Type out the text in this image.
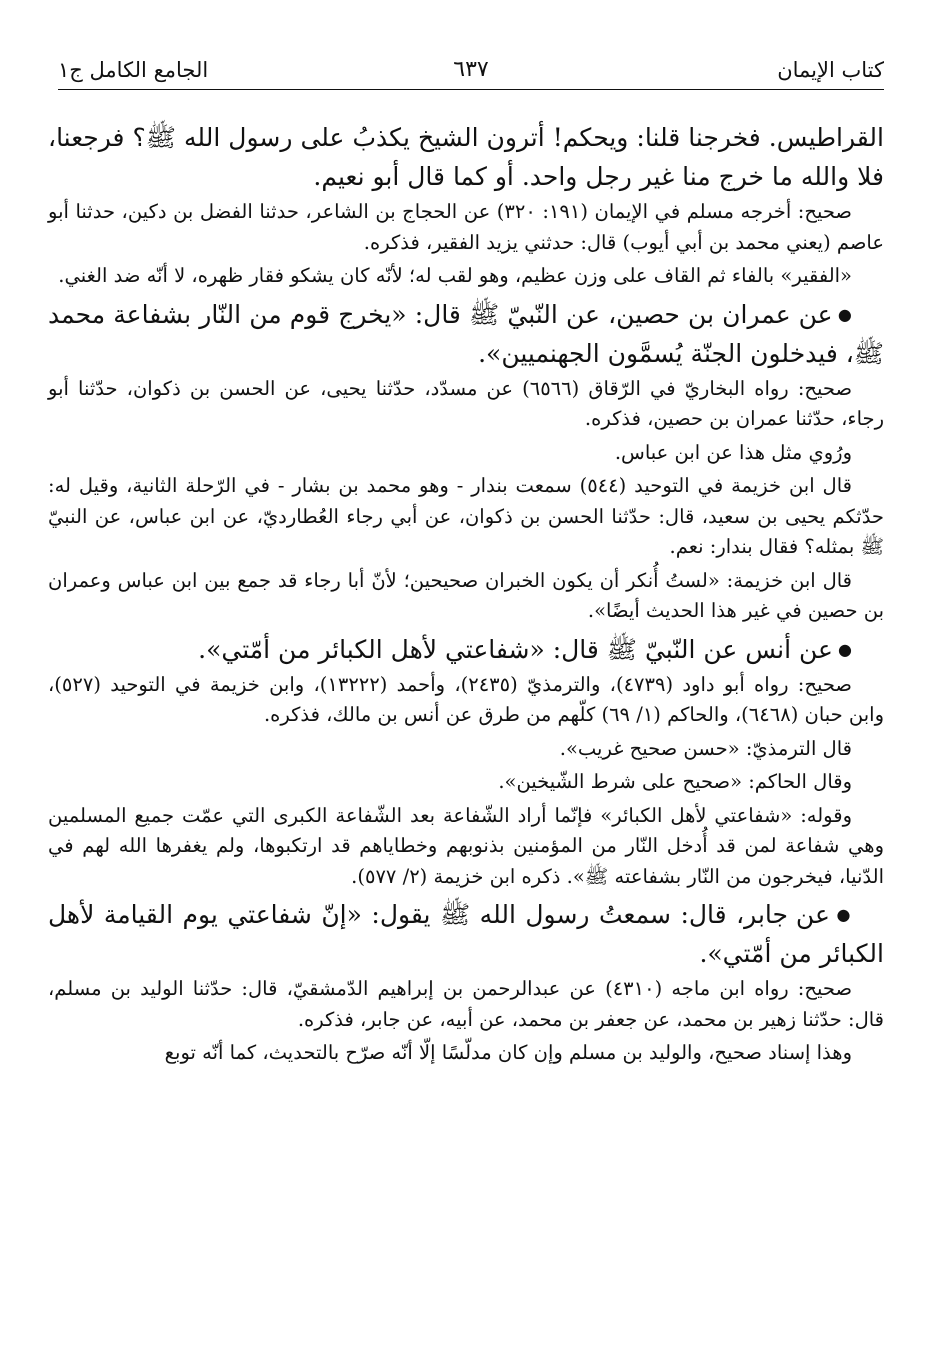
الجامع الكامل ج١	٦٣٧	كتاب الإيمان

القراطيس. فخرجنا قلنا: ويحكم! أترون الشيخ يكذبُ على رسول الله ﷺ؟ فرجعنا، فلا والله ما خرج منا غير رجل واحد. أو كما قال أبو نعيم.

صحيح: أخرجه مسلم في الإيمان (١٩١: ٣٢٠) عن الحجاج بن الشاعر، حدثنا الفضل بن دكين، حدثنا أبو عاصم (يعني محمد بن أبي أيوب) قال: حدثني يزيد الفقير، فذكره.

«الفقير» بالفاء ثم القاف على وزن عظيم، وهو لقب له؛ لأنّه كان يشكو فقار ظهره، لا أنّه ضد الغني.

● عن عمران بن حصين، عن النّبيّ ﷺ قال: «يخرج قوم من النّار بشفاعة محمد ﷺ، فيدخلون الجنّة يُسمَّون الجهنميين».

صحيح: رواه البخاريّ في الرّقاق (٦٥٦٦) عن مسدّد، حدّثنا يحيى، عن الحسن بن ذكوان، حدّثنا أبو رجاء، حدّثنا عمران بن حصين، فذكره.

ورُوي مثل هذا عن ابن عباس.

قال ابن خزيمة في التوحيد (٥٤٤) سمعت بندار - وهو محمد بن بشار - في الرّحلة الثانية، وقيل له: حدّثكم يحيى بن سعيد، قال: حدّثنا الحسن بن ذكوان، عن أبي رجاء العُطارديّ، عن ابن عباس، عن النبيّ ﷺ بمثله؟ فقال بندار: نعم.

قال ابن خزيمة: «لستُ أُنكر أن يكون الخبران صحيحين؛ لأنّ أبا رجاء قد جمع بين ابن عباس وعمران بن حصين في غير هذا الحديث أيضًا».

● عن أنس عن النّبيّ ﷺ قال: «شفاعتي لأهل الكبائر من أمّتي».

صحيح: رواه أبو داود (٤٧٣٩)، والترمذيّ (٢٤٣٥)، وأحمد (١٣٢٢٢)، وابن خزيمة في التوحيد (٥٢٧)، وابن حبان (٦٤٦٨)، والحاكم (١/ ٦٩) كلّهم من طرق عن أنس بن مالك، فذكره.

قال الترمذيّ: «حسن صحيح غريب».

وقال الحاكم: «صحيح على شرط الشّيخين».

وقوله: «شفاعتي لأهل الكبائر» فإنّما أراد الشّفاعة بعد الشّفاعة الكبرى التي عمّت جميع المسلمين وهي شفاعة لمن قد أُدخل النّار من المؤمنين بذنوبهم وخطاياهم قد ارتكبوها، ولم يغفرها الله لهم في الدّنيا، فيخرجون من النّار بشفاعته ﷺ». ذكره ابن خزيمة (٢/ ٥٧٧).

● عن جابر، قال: سمعتُ رسول الله ﷺ يقول: «إنّ شفاعتي يوم القيامة لأهل الكبائر من أمّتي».

صحيح: رواه ابن ماجه (٤٣١٠) عن عبدالرحمن بن إبراهيم الدّمشقيّ، قال: حدّثنا الوليد بن مسلم، قال: حدّثنا زهير بن محمد، عن جعفر بن محمد، عن أبيه، عن جابر، فذكره.

وهذا إسناد صحيح، والوليد بن مسلم وإن كان مدلّسًا إلّا أنّه صرّح بالتحديث، كما أنّه توبع
